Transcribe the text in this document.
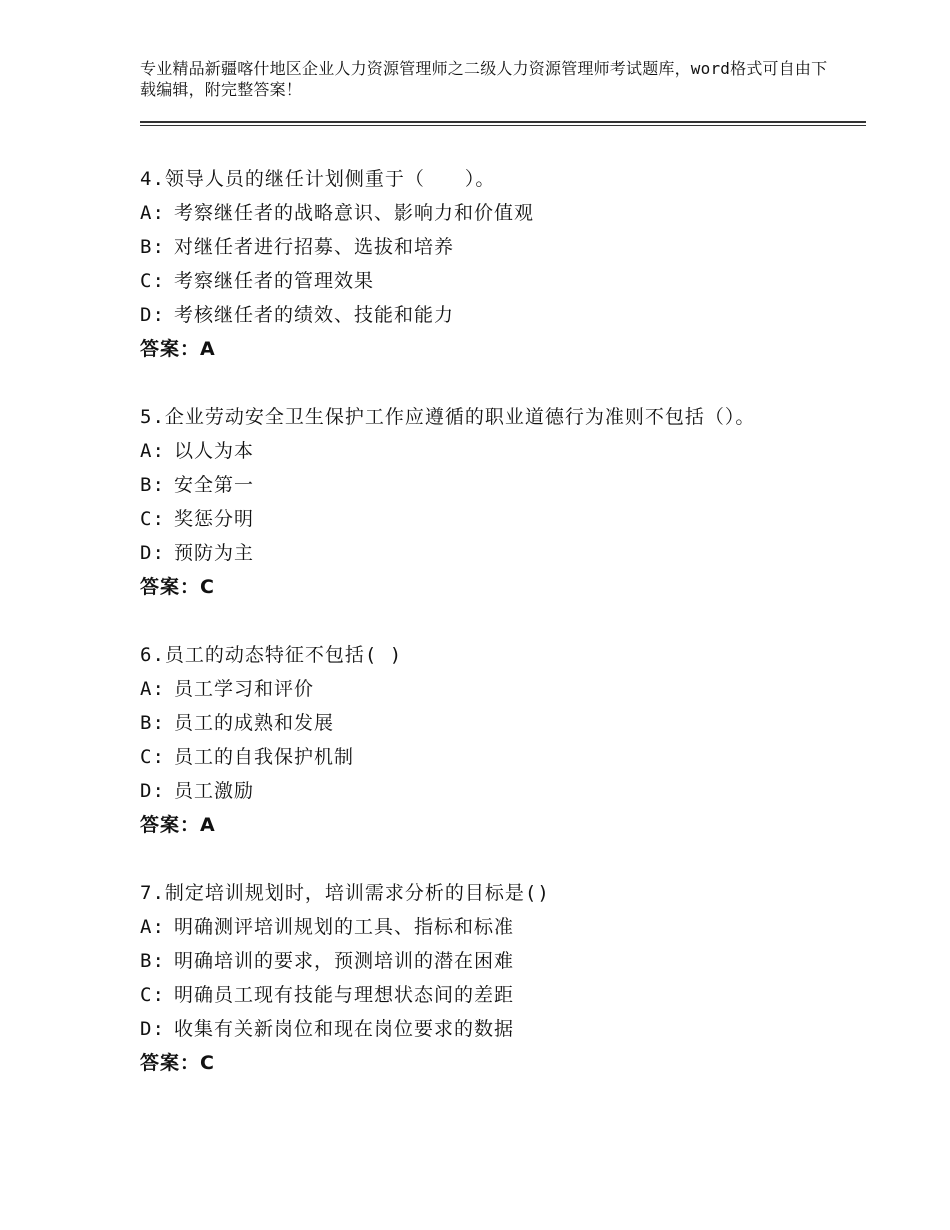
专业精品新疆喀什地区企业人力资源管理师之二级人力资源管理师考试题库，word格式可自由下载编辑，附完整答案！
4.领导人员的继任计划侧重于（　　）。
A: 考察继任者的战略意识、影响力和价值观
B: 对继任者进行招募、选拔和培养
C: 考察继任者的管理效果
D: 考核继任者的绩效、技能和能力
答案：A
5.企业劳动安全卫生保护工作应遵循的职业道德行为准则不包括（）。
A: 以人为本
B: 安全第一
C: 奖惩分明
D: 预防为主
答案：C
6.员工的动态特征不包括( )
A: 员工学习和评价
B: 员工的成熟和发展
C: 员工的自我保护机制
D: 员工激励
答案：A
7.制定培训规划时，培训需求分析的目标是()
A: 明确测评培训规划的工具、指标和标准
B: 明确培训的要求，预测培训的潜在困难
C: 明确员工现有技能与理想状态间的差距
D: 收集有关新岗位和现在岗位要求的数据
答案：C
